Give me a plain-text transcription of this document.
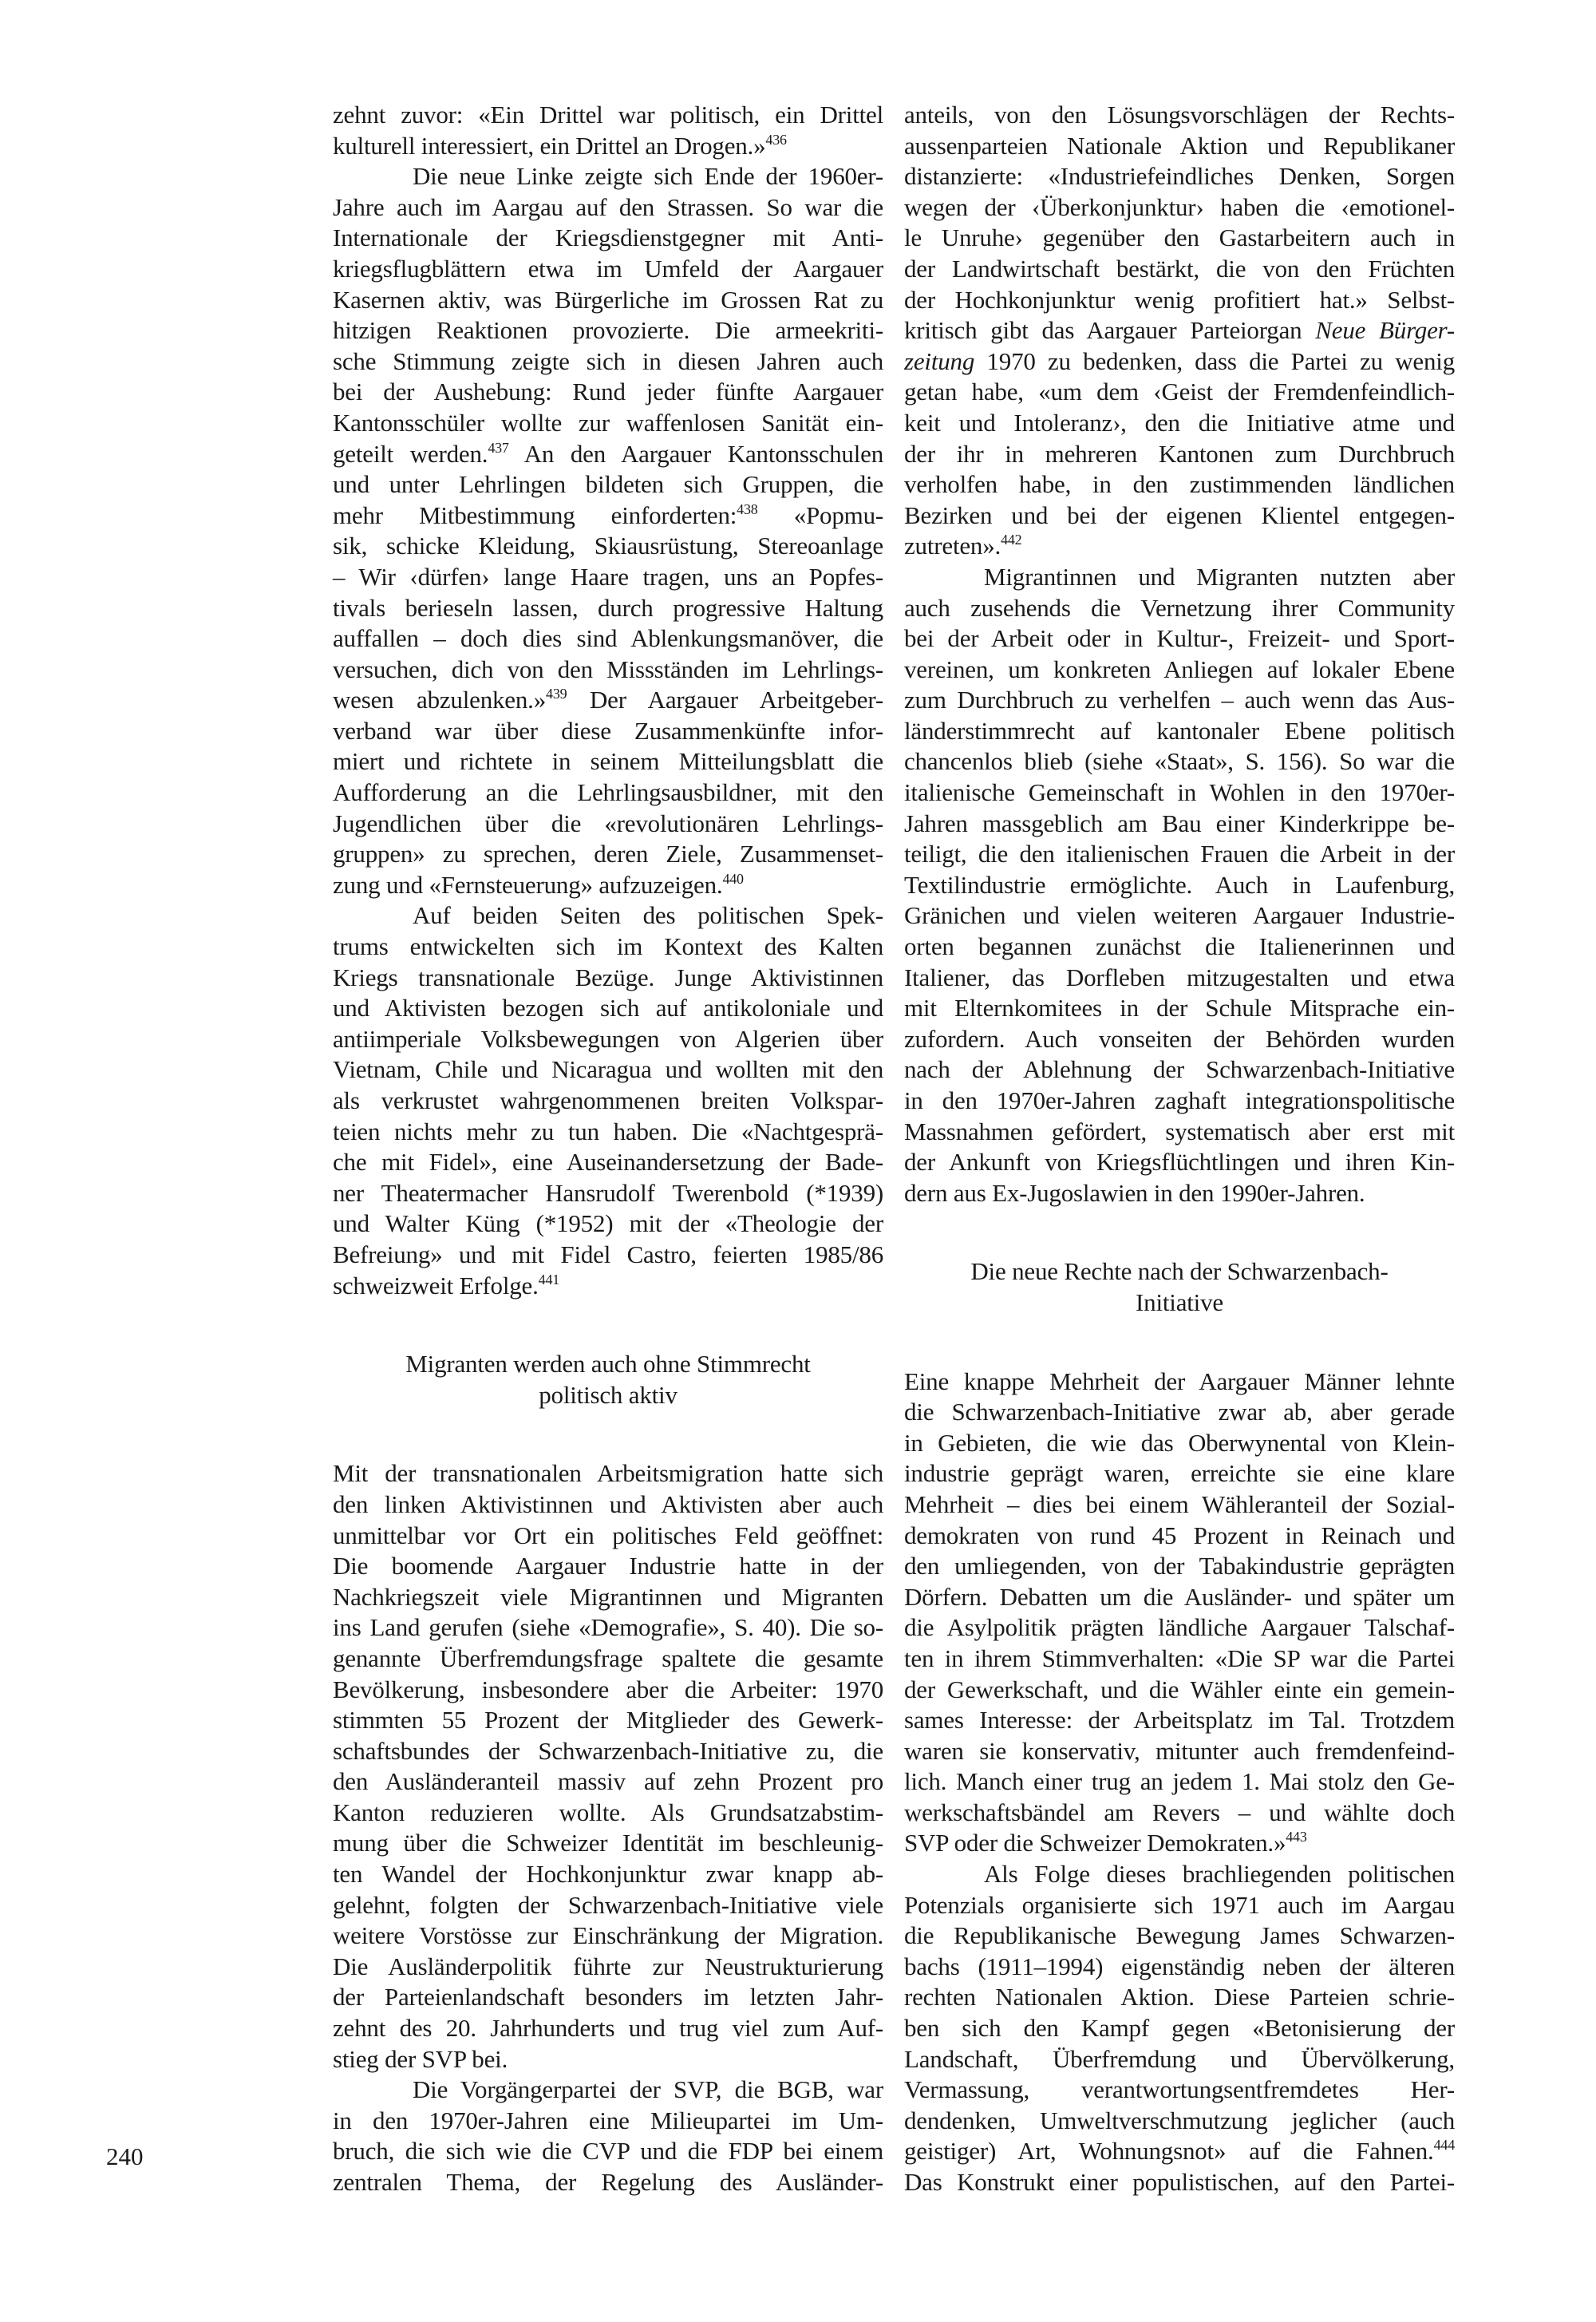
zehnt zuvor: «Ein Drittel war politisch, ein Drittel
kulturell interessiert, ein Drittel an Drogen.»$^{436}$
Die neue Linke zeigte sich Ende der 1960er-
Jahre auch im Aargau auf den Strassen. So war die
Internationale der Kriegsdienstgegner mit Anti-
kriegsflugblättern etwa im Umfeld der Aargauer
Kasernen aktiv, was Bürgerliche im Grossen Rat zu
hitzigen Reaktionen provozierte. Die armeekriti-
sche Stimmung zeigte sich in diesen Jahren auch
bei der Aushebung: Rund jeder fünfte Aargauer
Kantonsschüler wollte zur waffenlosen Sanität ein-
geteilt werden.$^{437}$ An den Aargauer Kantonsschulen
und unter Lehrlingen bildeten sich Gruppen, die
mehr Mitbestimmung einforderten:$^{438}$ «Popmu-
sik, schicke Kleidung, Skiausrüstung, Stereoanlage
– Wir ‹dürfen› lange Haare tragen, uns an Popfes-
tivals berieseln lassen, durch progressive Haltung
auffallen – doch dies sind Ablenkungsmanöver, die
versuchen, dich von den Missständen im Lehrlings-
wesen abzulenken.»$^{439}$ Der Aargauer Arbeitgeber-
verband war über diese Zusammenkünfte infor-
miert und richtete in seinem Mitteilungsblatt die
Aufforderung an die Lehrlingsausbildner, mit den
Jugendlichen über die «revolutionären Lehrlings-
gruppen» zu sprechen, deren Ziele, Zusammenset-
zung und «Fernsteuerung» aufzuzeigen.$^{440}$
Auf beiden Seiten des politischen Spek-
trums entwickelten sich im Kontext des Kalten
Kriegs transnationale Bezüge. Junge Aktivistinnen
und Aktivisten bezogen sich auf antikoloniale und
antiimperiale Volksbewegungen von Algerien über
Vietnam, Chile und Nicaragua und wollten mit den
als verkrustet wahrgenommenen breiten Volkspar-
teien nichts mehr zu tun haben. Die «Nachtgesprä-
che mit Fidel», eine Auseinandersetzung der Bade-
ner Theatermacher Hansrudolf Twerenbold (*1939)
und Walter Küng (*1952) mit der «Theologie der
Befreiung» und mit Fidel Castro, feierten 1985/86
schweizweit Erfolge.$^{441}$
Migranten werden auch ohne Stimmrecht
politisch aktiv
Mit der transnationalen Arbeitsmigration hatte sich
den linken Aktivistinnen und Aktivisten aber auch
unmittelbar vor Ort ein politisches Feld geöffnet:
Die boomende Aargauer Industrie hatte in der
Nachkriegszeit viele Migrantinnen und Migranten
ins Land gerufen (siehe «Demografie», S. 40). Die so-
genannte Überfremdungsfrage spaltete die gesamte
Bevölkerung, insbesondere aber die Arbeiter: 1970
stimmten 55 Prozent der Mitglieder des Gewerk-
schaftsbundes der Schwarzenbach-Initiative zu, die
den Ausländeranteil massiv auf zehn Prozent pro
Kanton reduzieren wollte. Als Grundsatzabstim-
mung über die Schweizer Identität im beschleunig-
ten Wandel der Hochkonjunktur zwar knapp ab-
gelehnt, folgten der Schwarzenbach-Initiative viele
weitere Vorstösse zur Einschränkung der Migration.
Die Ausländerpolitik führte zur Neustrukturierung
der Parteienlandschaft besonders im letzten Jahr-
zehnt des 20. Jahrhunderts und trug viel zum Auf-
stieg der SVP bei.
Die Vorgängerpartei der SVP, die BGB, war
in den 1970er-Jahren eine Milieupartei im Um-
bruch, die sich wie die CVP und die FDP bei einem
zentralen Thema, der Regelung des Ausländer-
anteils, von den Lösungsvorschlägen der Rechts-
aussenparteien Nationale Aktion und Republikaner
distanzierte: «Industriefeindliches Denken, Sorgen
wegen der ‹Überkonjunktur› haben die ‹emotionel-
le Unruhe› gegenüber den Gastarbeitern auch in
der Landwirtschaft bestärkt, die von den Früchten
der Hochkonjunktur wenig profitiert hat.» Selbst-
kritisch gibt das Aargauer Parteiorgan Neue Bürger-
zeitung 1970 zu bedenken, dass die Partei zu wenig
getan habe, «um dem ‹Geist der Fremdenfeindlich-
keit und Intoleranz›, den die Initiative atme und
der ihr in mehreren Kantonen zum Durchbruch
verholfen habe, in den zustimmenden ländlichen
Bezirken und bei der eigenen Klientel entgegen-
zutreten».$^{442}$
Migrantinnen und Migranten nutzten aber
auch zusehends die Vernetzung ihrer Community
bei der Arbeit oder in Kultur-, Freizeit- und Sport-
vereinen, um konkreten Anliegen auf lokaler Ebene
zum Durchbruch zu verhelfen – auch wenn das Aus-
länderstimmrecht auf kantonaler Ebene politisch
chancenlos blieb (siehe «Staat», S. 156). So war die
italienische Gemeinschaft in Wohlen in den 1970er-
Jahren massgeblich am Bau einer Kinderkrippe be-
teiligt, die den italienischen Frauen die Arbeit in der
Textilindustrie ermöglichte. Auch in Laufenburg,
Gränichen und vielen weiteren Aargauer Industrie-
orten begannen zunächst die Italienerinnen und
Italiener, das Dorfleben mitzugestalten und etwa
mit Elternkomitees in der Schule Mitsprache ein-
zufordern. Auch vonseiten der Behörden wurden
nach der Ablehnung der Schwarzenbach-Initiative
in den 1970er-Jahren zaghaft integrationspolitische
Massnahmen gefördert, systematisch aber erst mit
der Ankunft von Kriegsflüchtlingen und ihren Kin-
dern aus Ex-Jugoslawien in den 1990er-Jahren.
Die neue Rechte nach der Schwarzenbach-
Initiative
Eine knappe Mehrheit der Aargauer Männer lehnte
die Schwarzenbach-Initiative zwar ab, aber gerade
in Gebieten, die wie das Oberwynental von Klein-
industrie geprägt waren, erreichte sie eine klare
Mehrheit – dies bei einem Wähleranteil der Sozial-
demokraten von rund 45 Prozent in Reinach und
den umliegenden, von der Tabakindustrie geprägten
Dörfern. Debatten um die Ausländer- und später um
die Asylpolitik prägten ländliche Aargauer Talschaf-
ten in ihrem Stimmverhalten: «Die SP war die Partei
der Gewerkschaft, und die Wähler einte ein gemein-
sames Interesse: der Arbeitsplatz im Tal. Trotzdem
waren sie konservativ, mitunter auch fremdenfeind-
lich. Manch einer trug an jedem 1. Mai stolz den Ge-
werkschaftsbändel am Revers – und wählte doch
SVP oder die Schweizer Demokraten.»$^{443}$
Als Folge dieses brachliegenden politischen
Potenzials organisierte sich 1971 auch im Aargau
die Republikanische Bewegung James Schwarzen-
bachs (1911–1994) eigenständig neben der älteren
rechten Nationalen Aktion. Diese Parteien schrie-
ben sich den Kampf gegen «Betonisierung der
Landschaft, Überfremdung und Übervölkerung,
Vermassung, verantwortungsentfremdetes Her-
dendenken, Umweltverschmutzung jeglicher (auch
geistiger) Art, Wohnungsnot» auf die Fahnen.$^{444}$
Das Konstrukt einer populistischen, auf den Partei-
240
